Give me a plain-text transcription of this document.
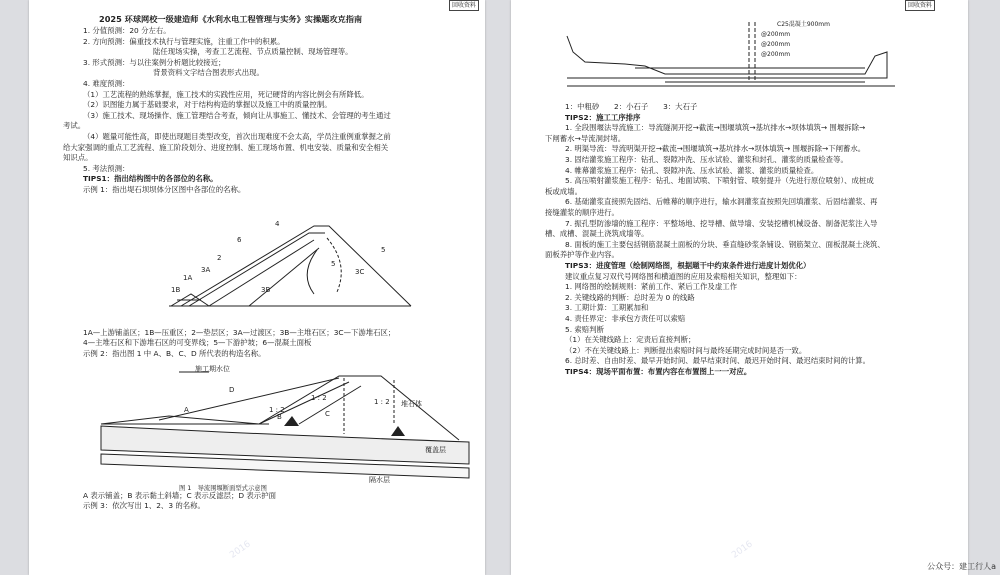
回收资料
2025 环球网校一级建造师《水利水电工程管理与实务》实操题攻克指南
1. 分值预测：20 分左右。
2. 方向预测：偏重技术执行与管理实施，注重工作中的积累。
陆任现场实操，考查工艺流程、节点质量控制、现场管理等。
3. 形式预测：与以往案例分析题比较接近；
背景资料文字结合图表形式出现。
4. 难度预测：
（1）工艺流程的熟练掌握，施工技术的实践性应用，死记硬背的内容比例会有所降低。
（2）识图能力属于基础要求，对于结构构造的掌握以及施工中的质量控制。
（3）施工技术、现场操作、施工管理结合考查，倾向让从事施工、懂技术、会管理的考生通过
考试。
（4）题量可能性高，即使出现题目类型改变，首次出现难度不会太高，学员注重例重掌握之前
给大家强调的重点工艺流程、施工阶段划分、进度控制、施工现场布置、机电安装、质量和安全相关
知识点。
5. 考法预测：
TIPS1：指出结构图中的各部位的名称。
示例 1：指出堤石坝坝体分区图中各部位的名称。
6
4
2
3A
1A
1B	3B
3C
5
5
1A—上游铺盖区；1B—压重区；2—垫层区；3A—过渡区；3B—主堆石区；3C—下游堆石区；
4—主堆石区和下游堆石区的可变界线；5—下游护坡；6—混凝土面板
示例 2：指出图 1 中 A、B、C、D 所代表的构造名称。
施工期水位
1 : 2
1 : 2	1 : 2
A
B	C
D
堆石体
覆盖层
隔水层
图 1　导流围堰断面型式示意图
A 表示铺盖；B 表示黏土斜墙；C 表示反滤层；D 表示护面
示例 3：依次写出 1、2、3 的名称。
2016
回收资料
C25混凝土900mm
@200mm
@200mm
@200mm
1：中粗砂　　2：小石子　　3：大石子
TIPS2：施工工序排序
1. 全段围堰法导流施工：导流隧洞开挖→截流→围堰填筑→基坑排水→坝体填筑→ 围堰拆除→
下闸蓄水→导流洞封堵。
2. 明渠导流：导流明渠开挖→截流→围堰填筑→基坑排水→坝体填筑→ 围堰拆除→下闸蓄水。
3. 固结灌浆施工程序：钻孔、裂隙冲洗、压水试验、灌浆和封孔、灌浆的质量检查等。
4. 帷幕灌浆施工程序：钻孔、裂隙冲洗、压水试验、灌浆、灌浆的质量检查。
5. 高压喷射灌浆施工程序：钻孔、地面试喷、下喷射管、喷射提升（先进行原位喷射）、成桩成
板或成墙。
6. 基础灌浆直接照先固结、后帷幕的顺序进行，输水洞灌浆直按照先回填灌浆、后固结灌浆、再
接缝灌浆的顺序进行。
7. 振孔型防渗墙的施工程序：平整场地、挖导槽、做导墙、安装挖槽机械设备、制备泥浆注入导
槽、成槽、混凝土浇筑成墙等。
8. 面板的施工主要包括钢筋混凝土面板的分块、垂直缝砂浆条铺设、钢筋架立、面板混凝土浇筑、
面板养护等作业内容。
TIPS3：进度管理（绘制网络图，根据题干中约束条件进行进度计划优化）
建议重点复习双代号网络图和横道图的应用及索赔相关知识，整理如下：
1. 网络图的绘制规则：紧前工作、紧后工作及虚工作
2. 关键线路的判断：总时差为 0 的线路
3. 工期计算：工期累加和
4. 责任界定：非承包方责任可以索赔
5. 索赔判断
（1）在关键线路上：定责后直接判断；
（2）不在关键线路上：判断提出索赔时间与最终延期完成时间是否一致。
6. 总时差、自由时差、最早开始时间、最早结束时间、最迟开始时间、最迟结束时间的计算。
TIPS4：现场平面布置：布置内容在布置图上一一对应。
2016
公众号：建工行人a
